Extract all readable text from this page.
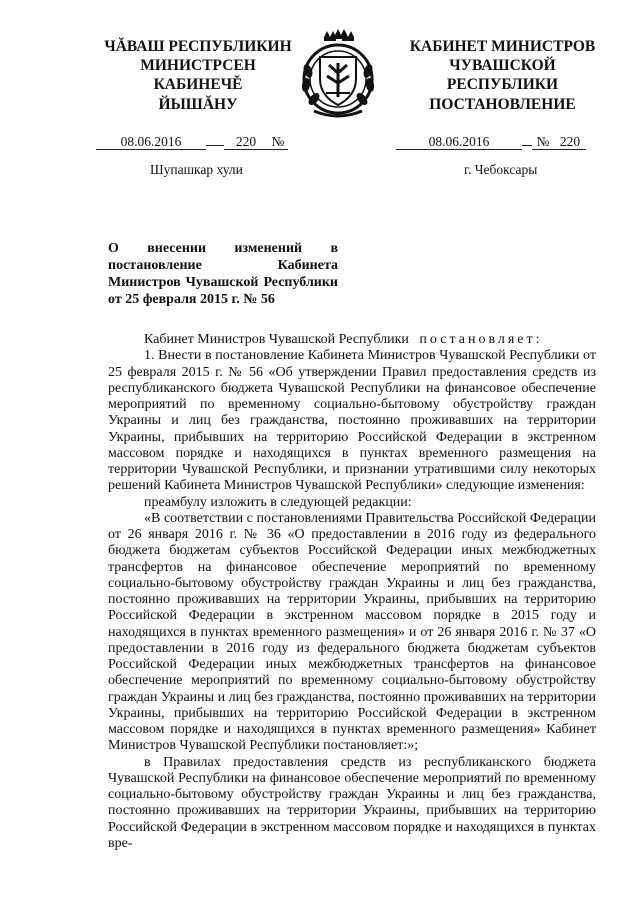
ЧĂВАШ РЕСПУБЛИКИН
МИНИСТРСЕН КАБИНЕЧĚ
ЙЫШĂНУ
КАБИНЕТ МИНИСТРОВ
ЧУВАШСКОЙ РЕСПУБЛИКИ
ПОСТАНОВЛЕНИЕ
08.06.2016	220 №	08.06.2016	№ 220
Шупашкар хули	г. Чебоксары
О внесении изменений в постановление Кабинета Министров Чувашской Республики от 25 февраля 2015 г. № 56

Кабинет Министров Чувашской Республики постановляет:

1. Внести в постановление Кабинета Министров Чувашской Республики от 25 февраля 2015 г. № 56 «Об утверждении Правил предоставления средств из республиканского бюджета Чувашской Республики на финансовое обеспечение мероприятий по временному социально-бытовому обустройству граждан Украины и лиц без гражданства, постоянно проживавших на территории Украины, прибывших на территорию Российской Федерации в экстренном массовом порядке и находящихся в пунктах временного размещения на территории Чувашской Республики, и признании утратившими силу некоторых решений Кабинета Министров Чувашской Республики» следующие изменения:

преамбулу изложить в следующей редакции:

«В соответствии с постановлениями Правительства Российской Федерации от 26 января 2016 г. № 36 «О предоставлении в 2016 году из федерального бюджета бюджетам субъектов Российской Федерации иных межбюджетных трансфертов на финансовое обеспечение мероприятий по временному социально-бытовому обустройству граждан Украины и лиц без гражданства, постоянно проживавших на территории Украины, прибывших на территорию Российской Федерации в экстренном массовом порядке в 2015 году и находящихся в пунктах временного размещения» и от 26 января 2016 г. № 37 «О предоставлении в 2016 году из федерального бюджета бюджетам субъектов Российской Федерации иных межбюджетных трансфертов на финансовое обеспечение мероприятий по временному социально-бытовому обустройству граждан Украины и лиц без гражданства, постоянно проживавших на территории Украины, прибывших на территорию Российской Федерации в экстренном массовом порядке и находящихся в пунктах временного размещения» Кабинет Министров Чувашской Республики постановляет:»;

в Правилах предоставления средств из республиканского бюджета Чувашской Республики на финансовое обеспечение мероприятий по временному социально-бытовому обустройству граждан Украины и лиц без гражданства, постоянно проживавших на территории Украины, прибывших на территорию Российской Федерации в экстренном массовом порядке и находящихся в пунктах вре-
